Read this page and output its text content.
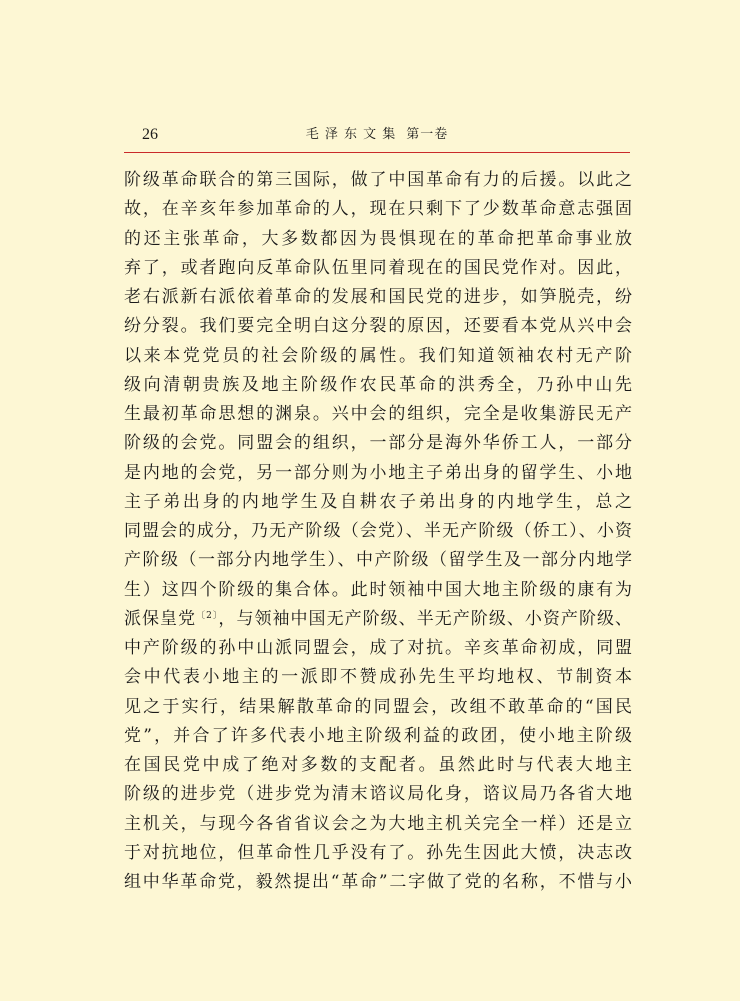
26	毛 泽 东 文 集 第一卷
阶级革命联合的第三国际，做了中国革命有力的后援。以此之
故，在辛亥年参加革命的人，现在只剩下了少数革命意志强固
的还主张革命，大多数都因为畏惧现在的革命把革命事业放
弃了，或者跑向反革命队伍里同着现在的国民党作对。因此，
老右派新右派依着革命的发展和国民党的进步，如笋脱壳，纷
纷分裂。我们要完全明白这分裂的原因，还要看本党从兴中会
以来本党党员的社会阶级的属性。我们知道领袖农村无产阶
级向清朝贵族及地主阶级作农民革命的洪秀全，乃孙中山先
生最初革命思想的渊泉。兴中会的组织，完全是收集游民无产
阶级的会党。同盟会的组织，一部分是海外华侨工人，一部分
是内地的会党，另一部分则为小地主子弟出身的留学生、小地
主子弟出身的内地学生及自耕农子弟出身的内地学生，总之
同盟会的成分，乃无产阶级（会党）、半无产阶级（侨工）、小资
产阶级（一部分内地学生）、中产阶级（留学生及一部分内地学
生）这四个阶级的集合体。此时领袖中国大地主阶级的康有为
派保皇党$^{〔2〕}$，与领袖中国无产阶级、半无产阶级、小资产阶级、
中产阶级的孙中山派同盟会，成了对抗。辛亥革命初成，同盟
会中代表小地主的一派即不赞成孙先生平均地权、节制资本
见之于实行，结果解散革命的同盟会，改组不敢革命的“国民
党”，并合了许多代表小地主阶级利益的政团，使小地主阶级
在国民党中成了绝对多数的支配者。虽然此时与代表大地主
阶级的进步党（进步党为清末谘议局化身，谘议局乃各省大地
主机关，与现今各省省议会之为大地主机关完全一样）还是立
于对抗地位，但革命性几乎没有了。孙先生因此大愤，决志改
组中华革命党，毅然提出“革命”二字做了党的名称，不惜与小
